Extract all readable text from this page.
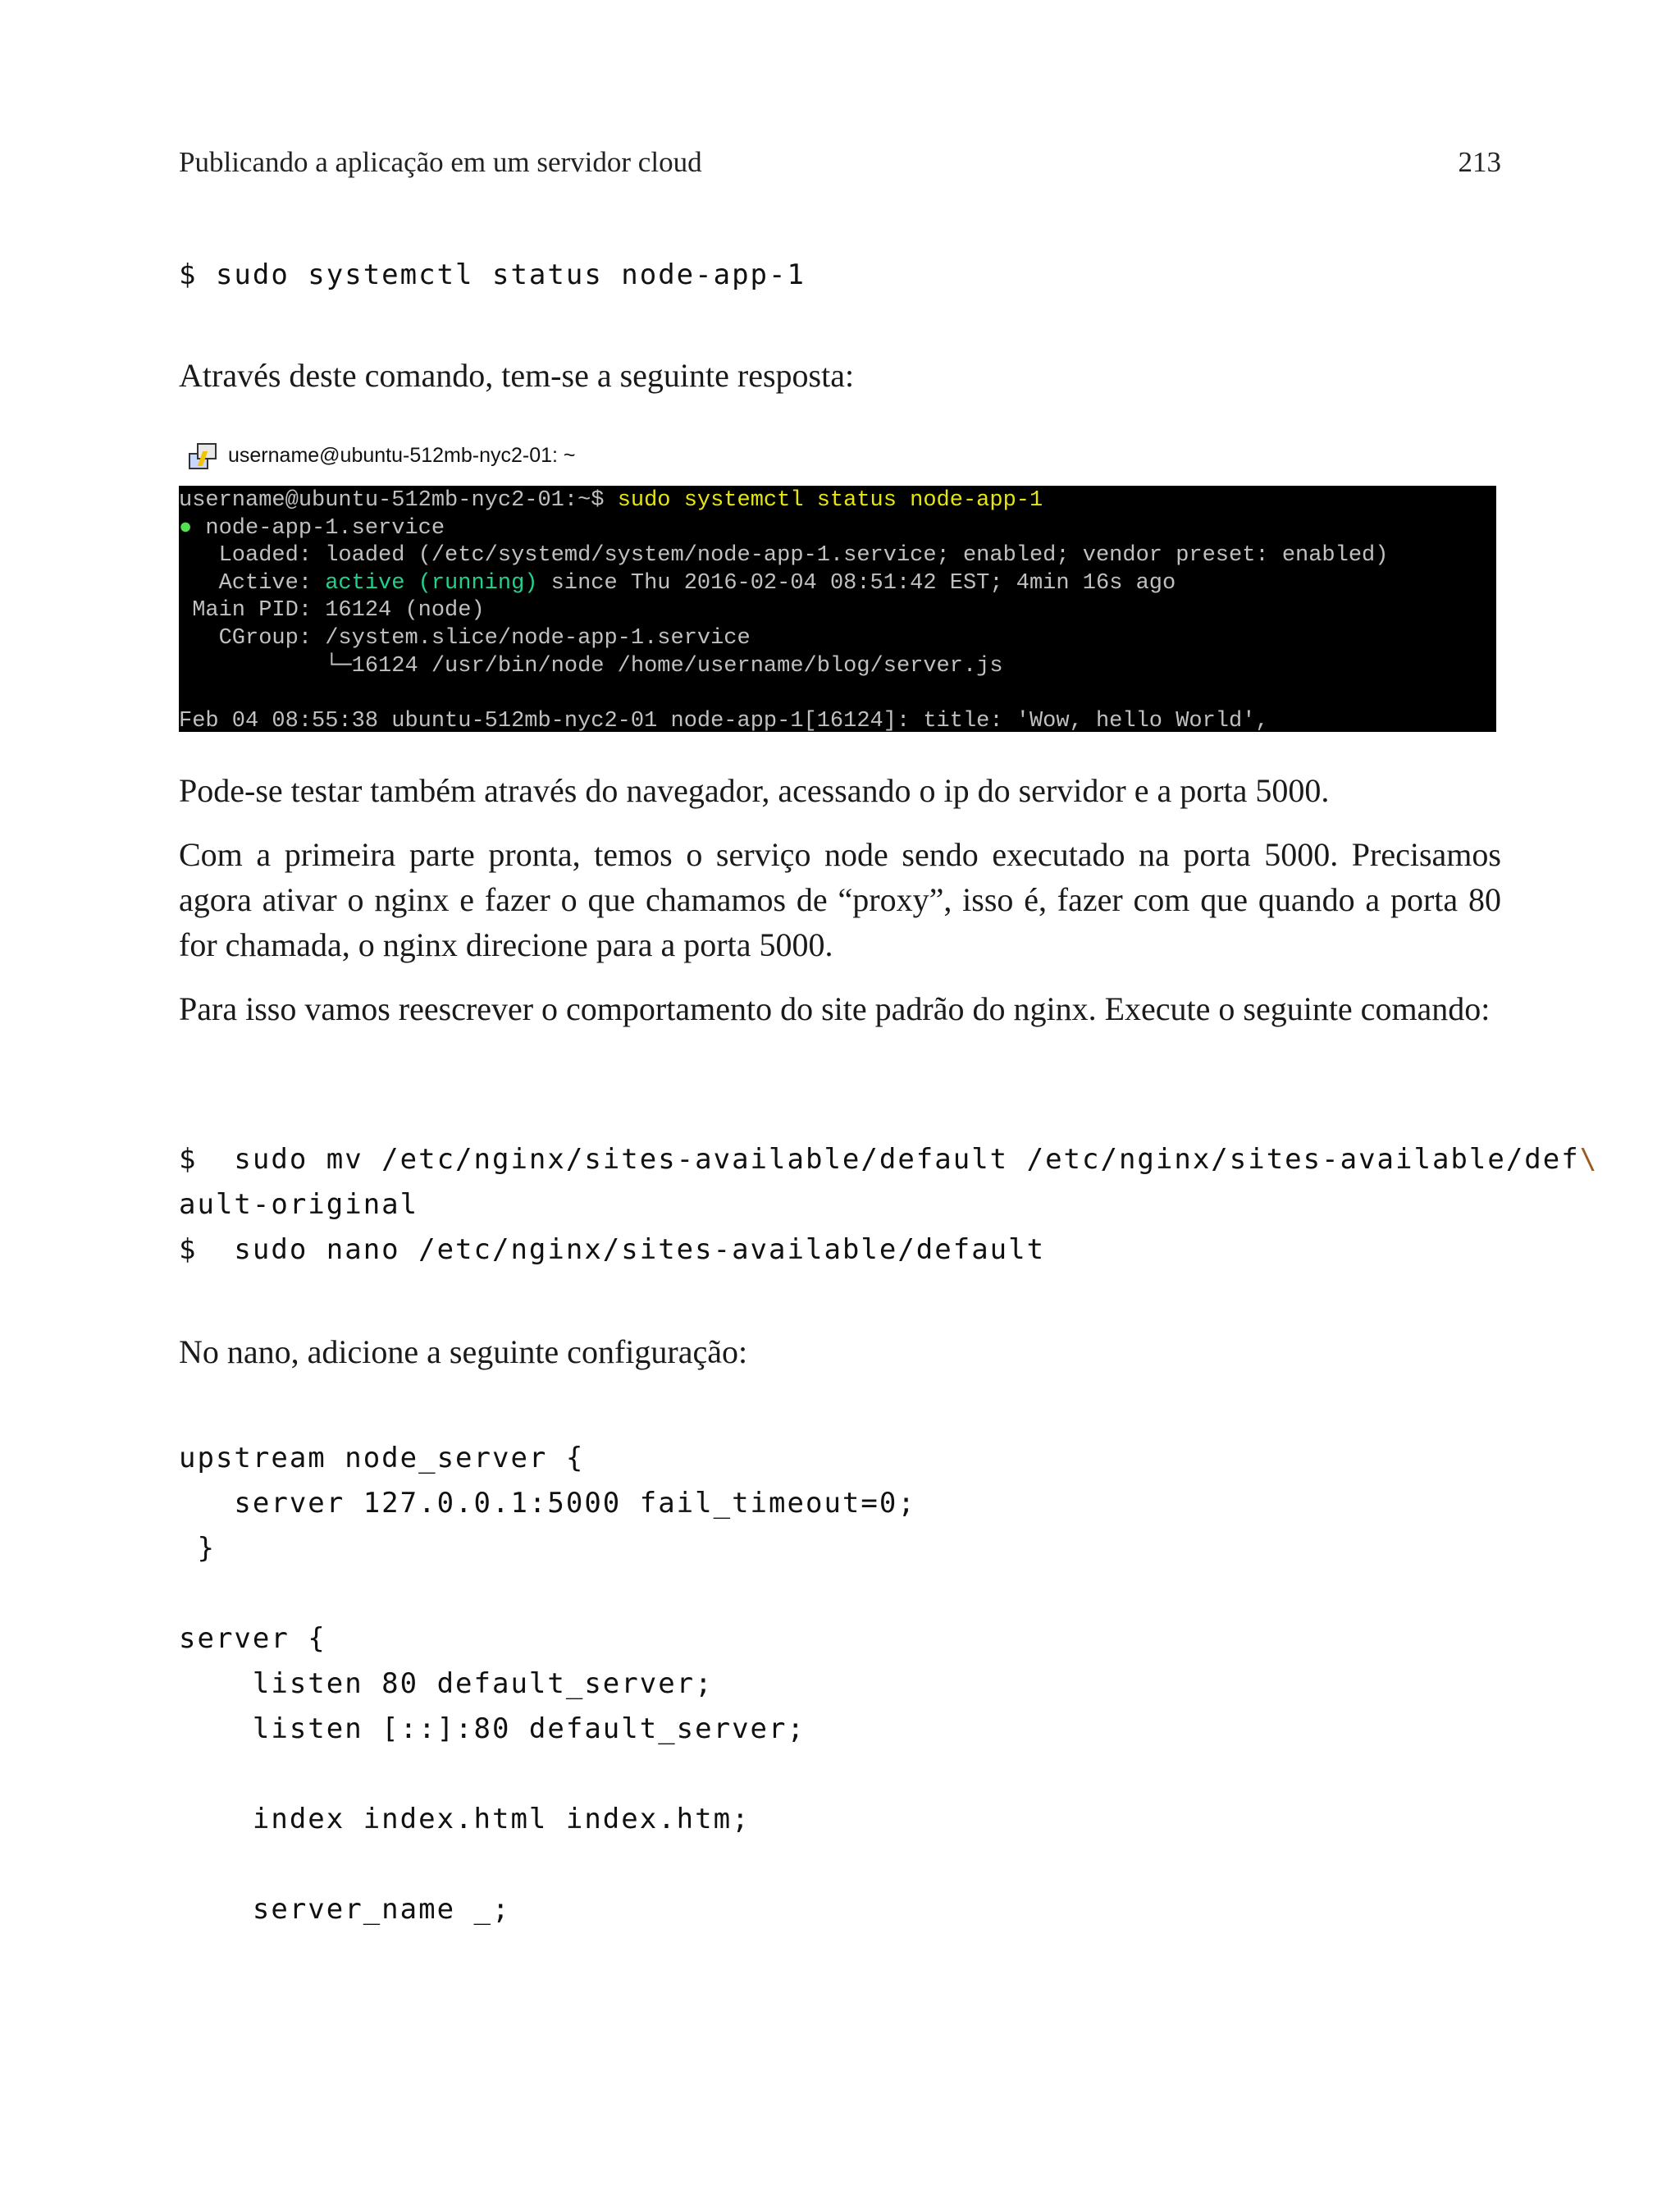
Publicando a aplicação em um servidor cloud	213
$ sudo systemctl status node-app-1

Através deste comando, tem-se a seguinte resposta:

username@ubuntu-512mb-nyc2-01: ~
username@ubuntu-512mb-nyc2-01:~$ sudo systemctl status node-app-1
● node-app-1.service
Loaded: loaded (/etc/systemd/system/node-app-1.service; enabled; vendor preset: enabled)
Active: active (running) since Thu 2016-02-04 08:51:42 EST; 4min 16s ago
Main PID: 16124 (node)
CGroup: /system.slice/node-app-1.service
└─16124 /usr/bin/node /home/username/blog/server.js
Feb 04 08:55:38 ubuntu-512mb-nyc2-01 node-app-1[16124]: title: 'Wow, hello World',

Pode-se testar também através do navegador, acessando o ip do servidor e a porta 5000.

Com a primeira parte pronta, temos o serviço node sendo executado na porta 5000. Precisamos agora ativar o nginx e fazer o que chamamos de “proxy”, isso é, fazer com que quando a porta 80 for chamada, o nginx direcione para a porta 5000.

Para isso vamos reescrever o comportamento do site padrão do nginx. Execute o seguinte comando:

$  sudo mv /etc/nginx/sites-available/default /etc/nginx/sites-available/def\
ault-original
$  sudo nano /etc/nginx/sites-available/default

No nano, adicione a seguinte configuração:

upstream node_server {
server 127.0.0.1:5000 fail_timeout=0;
}

server {
listen 80 default_server;
listen [::]:80 default_server;

index index.html index.htm;

server_name _;
